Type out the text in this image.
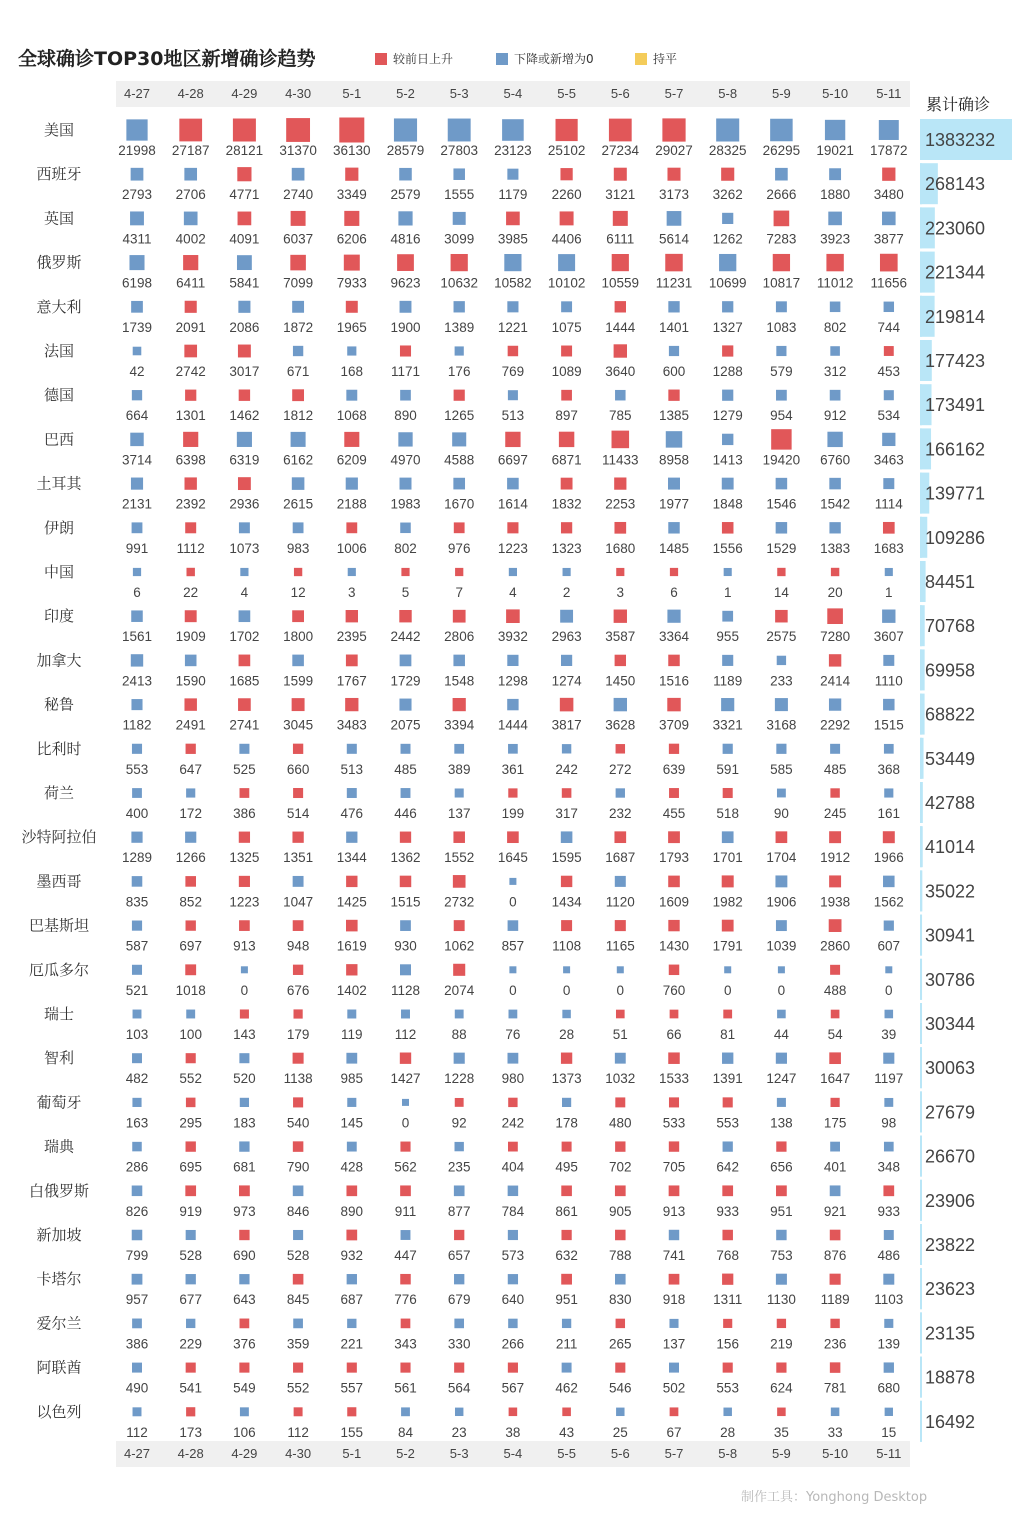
全球确诊TOP30地区新增确诊趋势	较前日上升	下降或新增为0	持平
4-27	4-28	4-29	4-30	5-1	5-2	5-3	5-4	5-5	5-6	5-7	5-8	5-9	5-10	5-11
4-27	4-28	4-29	4-30	5-1	5-2	5-3	5-4	5-5	5-6	5-7	5-8	5-9	5-10	5-11
累计确诊
美国
21998 27187 28121 31370 36130 28579 27803 23123 25102 27234 29027 28325 26295 19021 17872
1383232
西班牙
2793 2706 4771 2740 3349 2579 1555 1179 2260 3121 3173 3262 2666 1880 3480
268143
英国
4311 4002 4091 6037 6206 4816 3099 3985 4406 6111 5614 1262 7283 3923 3877
223060
俄罗斯
6198 6411 5841 7099 7933 9623 10632 10582 10102 10559 11231 10699 10817 11012 11656
221344
意大利
1739 2091 2086 1872 1965 1900 1389 1221 1075 1444 1401 1327 1083 802 744
219814
法国
42 2742 3017 671 168 1171 176 769 1089 3640 600 1288 579 312 453
177423
德国
664 1301 1462 1812 1068 890 1265 513 897 785 1385 1279 954 912 534
173491
巴西
3714 6398 6319 6162 6209 4970 4588 6697 6871 11433 8958 1413 19420 6760 3463
166162
土耳其
2131 2392 2936 2615 2188 1983 1670 1614 1832 2253 1977 1848 1546 1542 1114
139771
伊朗
991 1112 1073 983 1006 802 976 1223 1323 1680 1485 1556 1529 1383 1683
109286
中国
6	22	4	12	3	5	7	4	2	3	6	1	14	20	1
84451
印度
1561 1909 1702 1800 2395 2442 2806 3932 2963 3587 3364 955 2575 7280 3607
70768
加拿大
2413 1590 1685 1599 1767 1729 1548 1298 1274 1450 1516 1189 233 2414 1110
69958
秘鲁
1182 2491 2741 3045 3483 2075 3394 1444 3817 3628 3709 3321 3168 2292 1515
68822
比利时
553 647 525 660 513 485 389 361 242 272 639 591 585 485 368
53449
荷兰
400 172 386 514 476 446 137 199 317 232 455 518	90	245 161
42788
沙特阿拉伯
1289 1266 1325 1351 1344 1362 1552 1645 1595 1687 1793 1701 1704 1912 1966
41014
墨西哥
835 852 1223 1047 1425 1515 2732	0	1434 1120 1609 1982 1906 1938 1562
35022
巴基斯坦
587 697 913 948 1619 930 1062 857 1108 1165 1430 1791 1039 2860 607
30941
厄瓜多尔
521 1018	0	676 1402 1128 2074	0	0	0	760	0	0	488	0
30786
瑞士
103 100 143 179 119 112	88	76	28	51	66	81	44	54	39
30344
智利
482 552 520 1138 985 1427 1228 980 1373 1032 1533 1391 1247 1647 1197
30063
葡萄牙
163 295 183 540 145	0	92	242 178 480 533 553 138 175	98
27679
瑞典
286 695 681 790 428 562 235 404 495 702 705 642 656 401 348
26670
白俄罗斯
826 919 973 846 890 911 877 784 861 905 913 933 951 921 933
23906
新加坡
799 528 690 528 932 447 657 573 632 788 741 768 753 876 486
23822
卡塔尔
957 677 643 845 687 776 679 640 951 830 918 1311 1130 1189 1103
23623
爱尔兰
386 229 376 359 221 343 330 266 211 265 137 156 219 236 139
23135
阿联酋
490 541 549 552 557 561 564 567 462 546 502 553 624 781 680
18878
以色列
112 173 106 112 155	84	23	38	43	25	67	28	35	33	15
16492
制作工具：Yonghong Desktop
